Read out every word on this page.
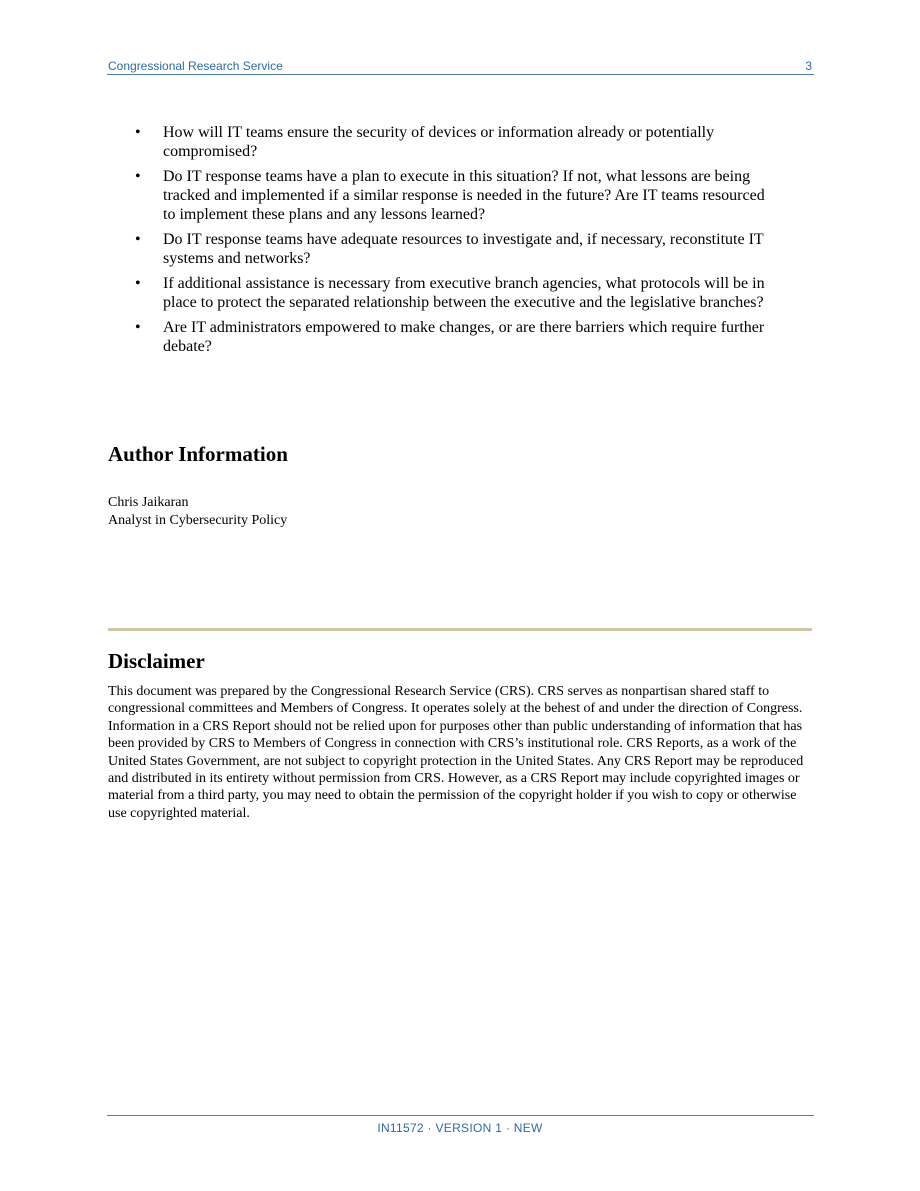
Congressional Research Service	3
• How will IT teams ensure the security of devices or information already or potentially compromised?
• Do IT response teams have a plan to execute in this situation? If not, what lessons are being tracked and implemented if a similar response is needed in the future? Are IT teams resourced to implement these plans and any lessons learned?
• Do IT response teams have adequate resources to investigate and, if necessary, reconstitute IT systems and networks?
• If additional assistance is necessary from executive branch agencies, what protocols will be in place to protect the separated relationship between the executive and the legislative branches?
• Are IT administrators empowered to make changes, or are there barriers which require further debate?
Author Information
Chris Jaikaran
Analyst in Cybersecurity Policy
Disclaimer

This document was prepared by the Congressional Research Service (CRS). CRS serves as nonpartisan shared staff to congressional committees and Members of Congress. It operates solely at the behest of and under the direction of Congress. Information in a CRS Report should not be relied upon for purposes other than public understanding of information that has been provided by CRS to Members of Congress in connection with CRS’s institutional role. CRS Reports, as a work of the United States Government, are not subject to copyright protection in the United States. Any CRS Report may be reproduced and distributed in its entirety without permission from CRS. However, as a CRS Report may include copyrighted images or material from a third party, you may need to obtain the permission of the copyright holder if you wish to copy or otherwise use copyrighted material.

IN11572 · VERSION 1 · NEW
